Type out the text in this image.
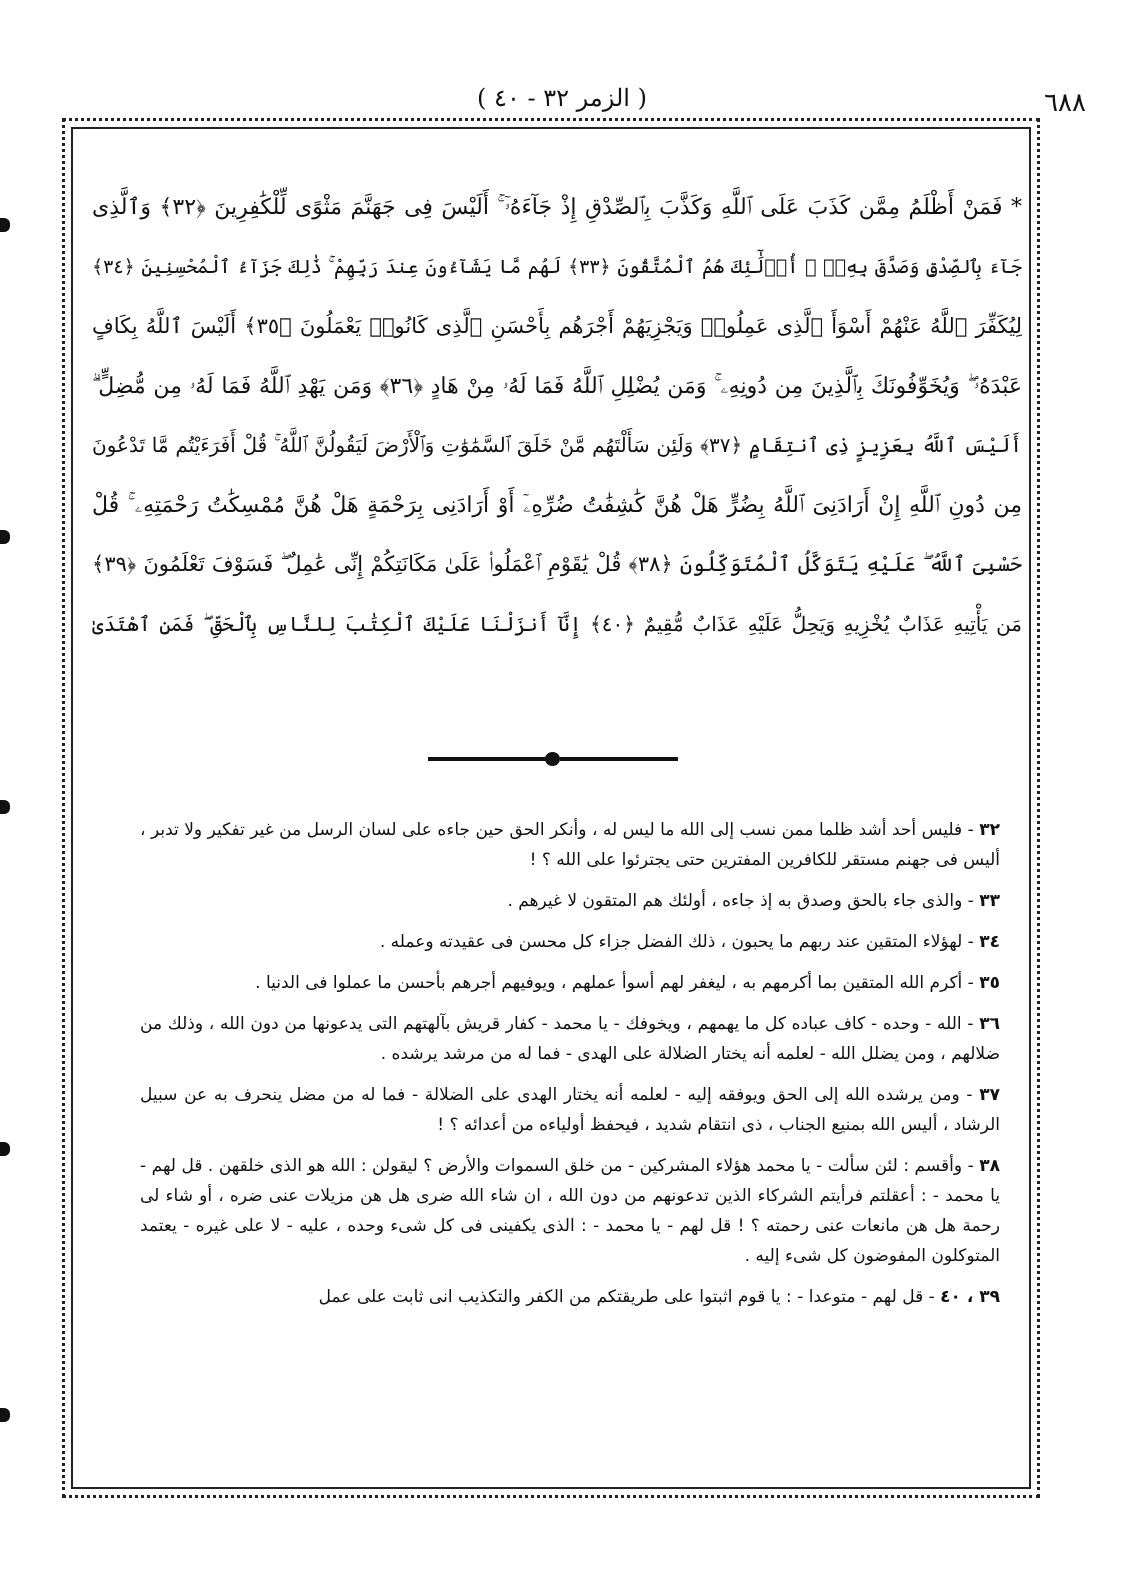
٦٨٨
( الزمر ٣٢ - ٤٠ )
* فَمَنْ أَظْلَمُ مِمَّن كَذَبَ عَلَى ٱللَّهِ وَكَذَّبَ بِٱلصِّدْقِ إِذْ جَآءَهُۥٓ ۚ أَلَيْسَ فِى جَهَنَّمَ مَثْوًى لِّلْكَٰفِرِينَ ﴿٣٢﴾ وَٱلَّذِى
جَآءَ بِٱلصِّدْقِ وَصَدَّقَ بِهِۦٓ ۙ أُو۟لَٰٓئِكَ هُمُ ٱلْمُتَّقُونَ ﴿٣٣﴾ لَهُم مَّا يَشَآءُونَ عِندَ رَبِّهِمْ ۚ ذَٰلِكَ جَزَآءُ ٱلْمُحْسِنِينَ ﴿٣٤﴾
لِيُكَفِّرَ ٱللَّهُ عَنْهُمْ أَسْوَأَ ٱلَّذِى عَمِلُوا۟ وَيَجْزِيَهُمْ أَجْرَهُم بِأَحْسَنِ ٱلَّذِى كَانُوا۟ يَعْمَلُونَ ﴿٣٥﴾ أَلَيْسَ ٱللَّهُ بِكَافٍ
عَبْدَهُۥ ۖ وَيُخَوِّفُونَكَ بِٱلَّذِينَ مِن دُونِهِۦ ۚ وَمَن يُضْلِلِ ٱللَّهُ فَمَا لَهُۥ مِنْ هَادٍ ﴿٣٦﴾ وَمَن يَهْدِ ٱللَّهُ فَمَا لَهُۥ مِن مُّضِلٍّ ۗ
أَلَيْسَ ٱللَّهُ بِعَزِيزٍ ذِى ٱنتِقَامٍ ﴿٣٧﴾ وَلَئِن سَأَلْتَهُم مَّنْ خَلَقَ ٱلسَّمَٰوَٰتِ وَٱلْأَرْضَ لَيَقُولُنَّ ٱللَّهُ ۚ قُلْ أَفَرَءَيْتُم مَّا تَدْعُونَ
مِن دُونِ ٱللَّهِ إِنْ أَرَادَنِىَ ٱللَّهُ بِضُرٍّ هَلْ هُنَّ كَٰشِفَٰتُ ضُرِّهِۦٓ أَوْ أَرَادَنِى بِرَحْمَةٍ هَلْ هُنَّ مُمْسِكَٰتُ رَحْمَتِهِۦ ۚ قُلْ
حَسْبِىَ ٱللَّهُ ۖ عَلَيْهِ يَتَوَكَّلُ ٱلْمُتَوَكِّلُونَ ﴿٣٨﴾ قُلْ يَٰقَوْمِ ٱعْمَلُوا۟ عَلَىٰ مَكَانَتِكُمْ إِنِّى عَٰمِلٌ ۖ فَسَوْفَ تَعْلَمُونَ ﴿٣٩﴾
مَن يَأْتِيهِ عَذَابٌ يُخْزِيهِ وَيَحِلُّ عَلَيْهِ عَذَابٌ مُّقِيمٌ ﴿٤٠﴾ إِنَّآ أَنزَلْنَا عَلَيْكَ ٱلْكِتَٰبَ لِلنَّاسِ بِٱلْحَقِّ ۖ فَمَنِ ٱهْتَدَىٰ

٣٢ - فليس أحد أشد ظلما ممن نسب إلى الله ما ليس له ، وأنكر الحق حين جاءه على لسان الرسل من غير تفكير ولا تدبر ، أليس فى جهنم مستقر للكافرين المفترين حتى يجترئوا على الله ؟ !

٣٣ - والذى جاء بالحق وصدق به إذ جاءه ، أولئك هم المتقون لا غيرهم .

٣٤ - لهؤلاء المتقين عند ربهم ما يحبون ، ذلك الفضل جزاء كل محسن فى عقيدته وعمله .

٣٥ - أكرم الله المتقين بما أكرمهم به ، ليغفر لهم أسوأ عملهم ، ويوفيهم أجرهم بأحسن ما عملوا فى الدنيا .

٣٦ - الله - وحده - كاف عباده كل ما يهمهم ، ويخوفك - يا محمد - كفار قريش بآلهتهم التى يدعونها من دون الله ، وذلك من ضلالهم ، ومن يضلل الله - لعلمه أنه يختار الضلالة على الهدى - فما له من مرشد يرشده .

٣٧ - ومن يرشده الله إلى الحق ويوفقه إليه - لعلمه أنه يختار الهدى على الضلالة - فما له من مضل ينحرف به عن سبيل الرشاد ، أليس الله بمنيع الجناب ، ذى انتقام شديد ، فيحفظ أولياءه من أعدائه ؟ !

٣٨ - وأقسم : لئن سألت - يا محمد هؤلاء المشركين - من خلق السموات والأرض ؟ ليقولن : الله هو الذى خلقهن . قل لهم - يا محمد - : أعقلتم فرأيتم الشركاء الذين تدعونهم من دون الله ، ان شاء الله ضرى هل هن مزيلات عنى ضره ، أو شاء لى رحمة هل هن مانعات عنى رحمته ؟ ! قل لهم - يا محمد - : الذى يكفينى فى كل شىء وحده ، عليه - لا على غيره - يعتمد المتوكلون المفوضون كل شىء إليه .

٣٩ ، ٤٠ - قل لهم - متوعدا - : يا قوم اثبتوا على طريقتكم من الكفر والتكذيب انى ثابت على عمل
